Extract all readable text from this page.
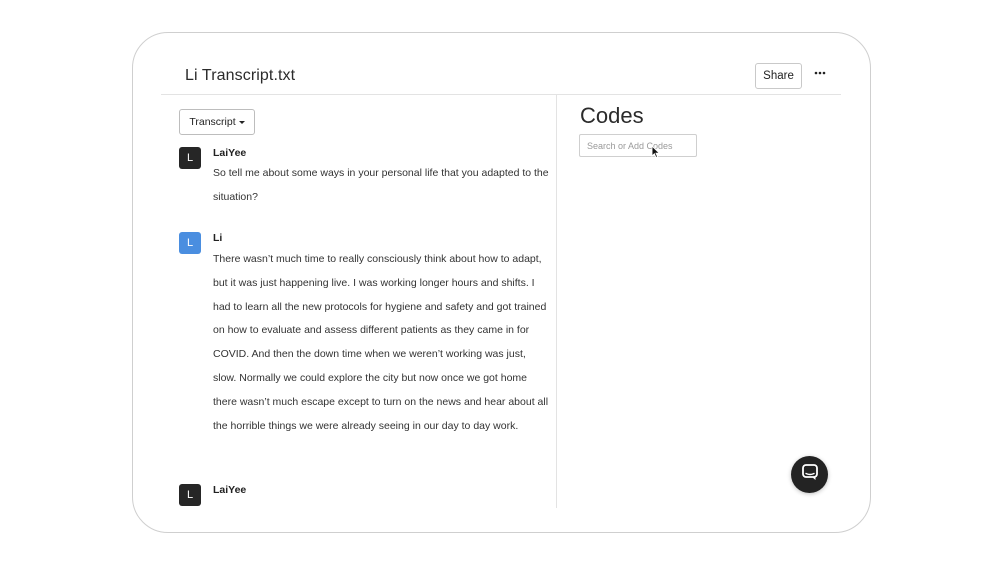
Li Transcript.txt	Share
Transcript
L	LaiYee
So tell me about some ways in your personal life that you adapted to the situation?
L	Li
There wasn’t much time to really consciously think about how to adapt, but it was just happening live. I was working longer hours and shifts. I had to learn all the new protocols for hygiene and safety and got trained on how to evaluate and assess different patients as they came in for COVID. And then the down time when we weren’t working was just, slow. Normally we could explore the city but now once we got home there wasn’t much escape except to turn on the news and hear about all the horrible things we were already seeing in our day to day work.
L	LaiYee
Codes
Search or Add Codes
